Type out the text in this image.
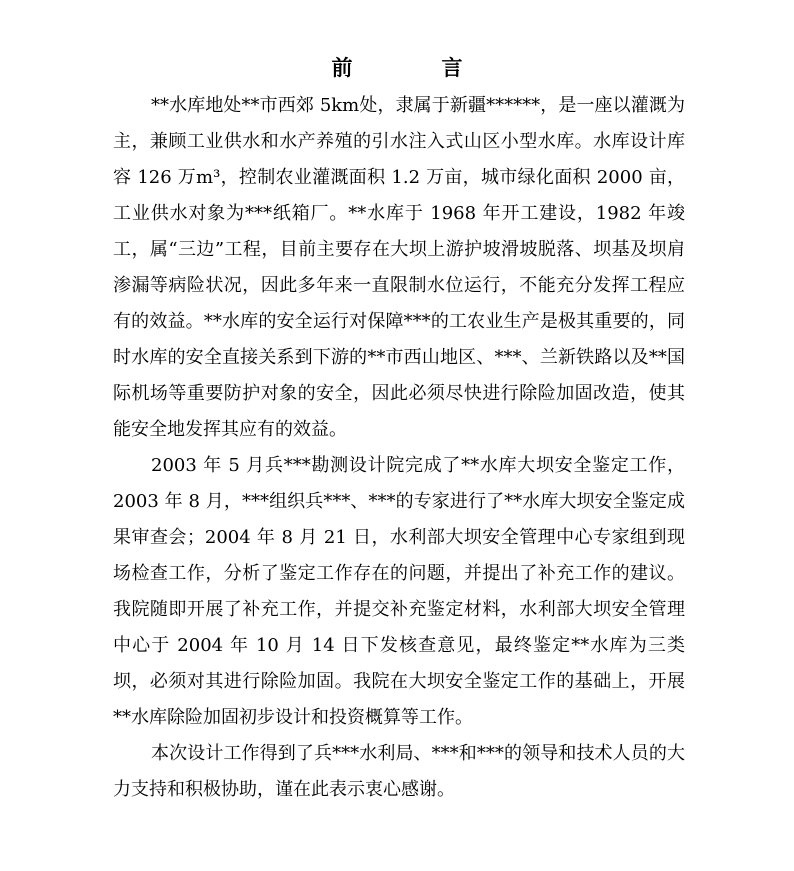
前　言

**水库地处**市西郊 5km处，隶属于新疆******，是一座以灌溉为主，兼顾工业供水和水产养殖的引水注入式山区小型水库。水库设计库容 126 万m³，控制农业灌溉面积 1.2 万亩，城市绿化面积 2000 亩，工业供水对象为***纸箱厂。**水库于 1968 年开工建设，1982 年竣工，属“三边”工程，目前主要存在大坝上游护坡滑坡脱落、坝基及坝肩渗漏等病险状况，因此多年来一直限制水位运行，不能充分发挥工程应有的效益。**水库的安全运行对保障***的工农业生产是极其重要的，同时水库的安全直接关系到下游的**市西山地区、***、兰新铁路以及**国际机场等重要防护对象的安全，因此必须尽快进行除险加固改造，使其能安全地发挥其应有的效益。

2003 年 5 月兵***勘测设计院完成了**水库大坝安全鉴定工作，2003 年 8 月，***组织兵***、***的专家进行了**水库大坝安全鉴定成果审查会；2004 年 8 月 21 日，水利部大坝安全管理中心专家组到现场检查工作，分析了鉴定工作存在的问题，并提出了补充工作的建议。我院随即开展了补充工作，并提交补充鉴定材料，水利部大坝安全管理中心于 2004 年 10 月 14 日下发核查意见，最终鉴定**水库为三类坝，必须对其进行除险加固。我院在大坝安全鉴定工作的基础上，开展**水库除险加固初步设计和投资概算等工作。

本次设计工作得到了兵***水利局、***和***的领导和技术人员的大力支持和积极协助，谨在此表示衷心感谢。
